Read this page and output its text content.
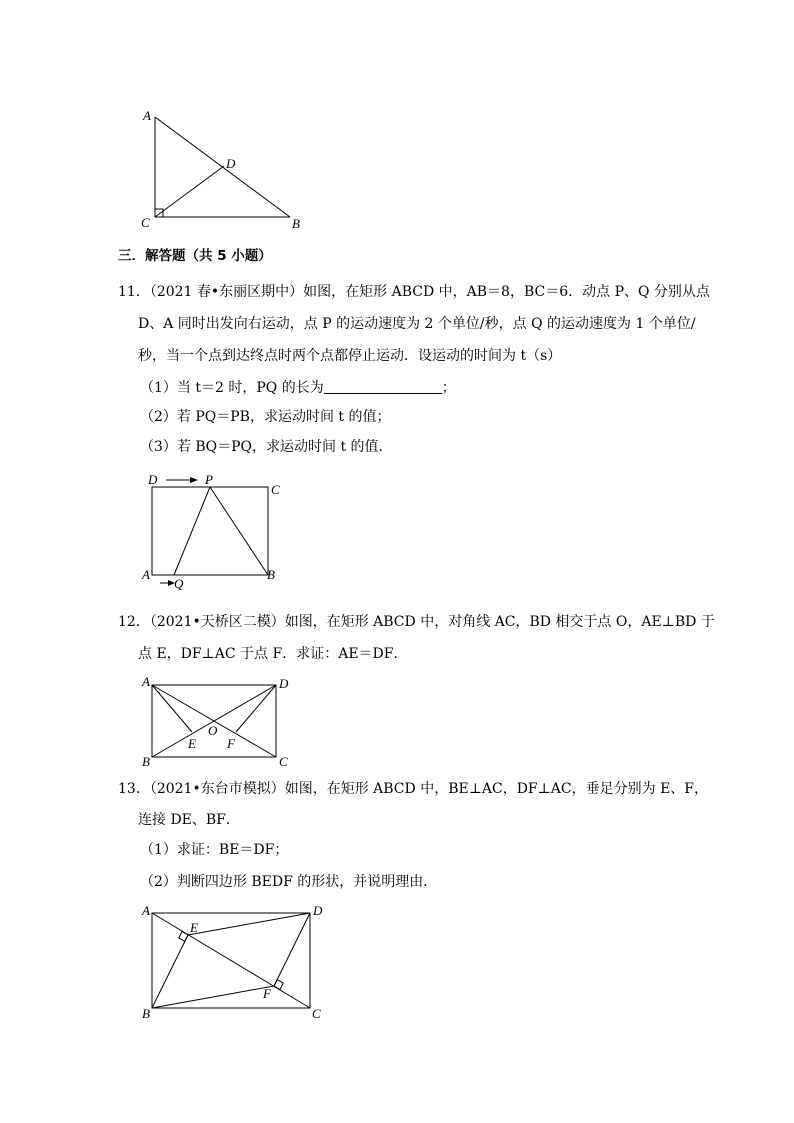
A
D
C	B
三．解答题（共 5 小题）
11．（2021 春•东丽区期中）如图，在矩形 ABCD 中，AB＝8，BC＝6．动点 P、Q 分别从点
D、A 同时出发向右运动，点 P 的运动速度为 2 个单位/秒，点 Q 的运动速度为 1 个单位/
秒，当一个点到达终点时两个点都停止运动．设运动的时间为 t（s）
（1）当 t＝2 时，PQ 的长为	；
（2）若 PQ＝PB，求运动时间 t 的值；
（3）若 BQ＝PQ，求运动时间 t 的值．
D	P
C
A
Q
B
12．（2021•天桥区二模）如图，在矩形 ABCD 中，对角线 AC，BD 相交于点 O，AE⊥BD 于
点 E，DF⊥AC 于点 F．求证：AE＝DF．
A	D
O
E F
B	C
13．（2021•东台市模拟）如图，在矩形 ABCD 中，BE⊥AC，DF⊥AC，垂足分别为 E、F，
连接 DE、BF．
（1）求证：BE＝DF；
（2）判断四边形 BEDF 的形状，并说明理由．
A
E
D
F
B	C
